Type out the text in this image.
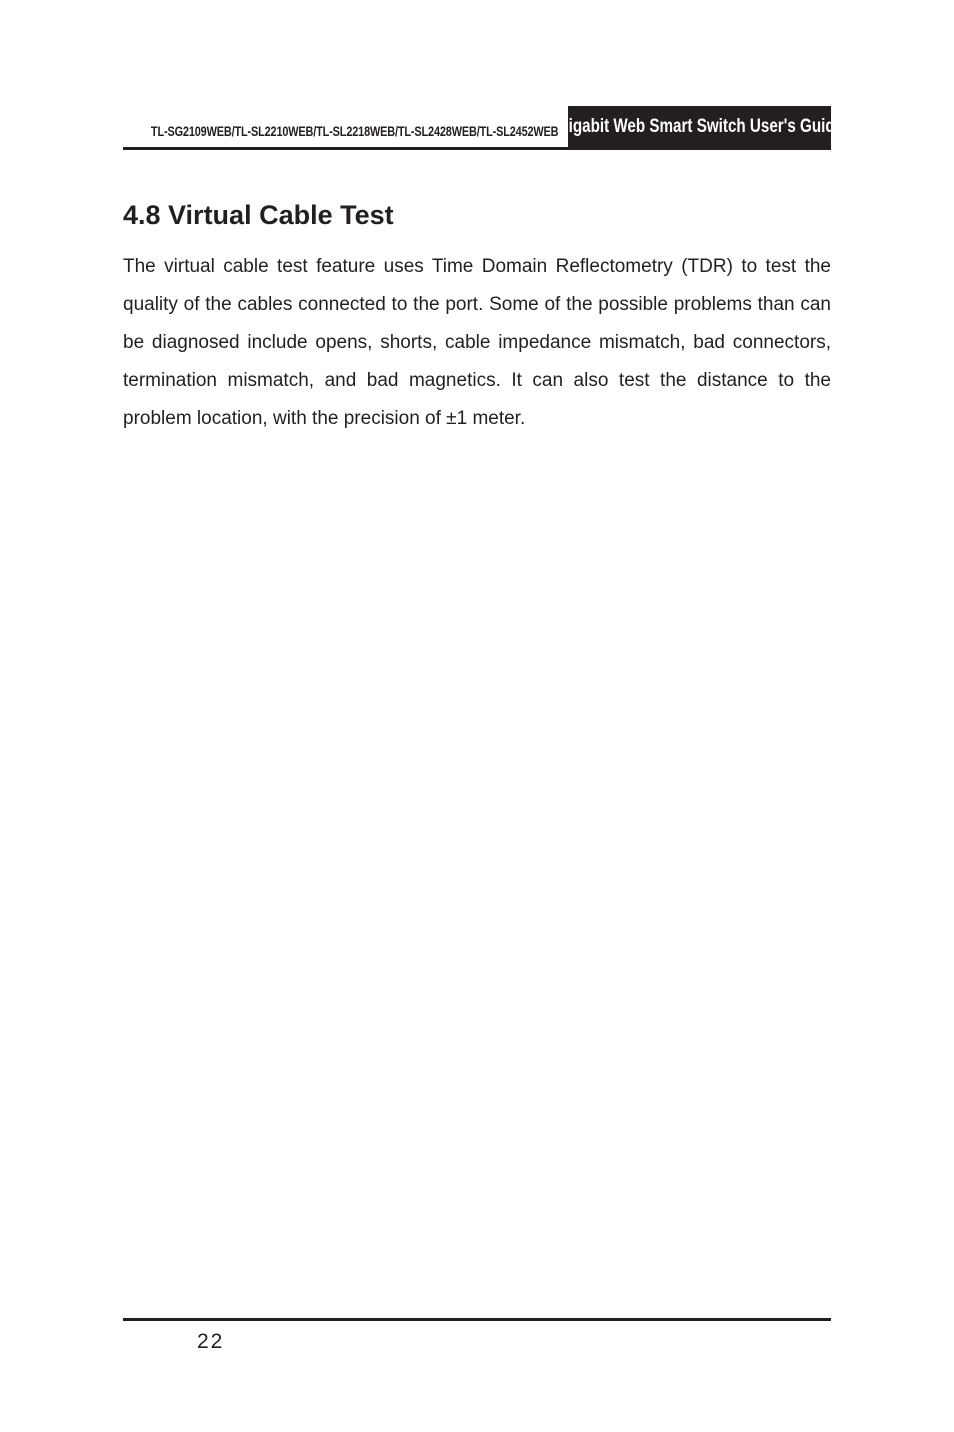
TL-SG2109WEB/TL-SL2210WEB/TL-SL2218WEB/TL-SL2428WEB/TL-SL2452WEB
Gigabit Web Smart Switch User's Guide
4.8 Virtual Cable Test

The virtual cable test feature uses Time Domain Reflectometry (TDR) to test the quality of the cables connected to the port. Some of the possible problems than can be diagnosed include opens, shorts, cable impedance mismatch, bad connectors, termination mismatch, and bad magnetics. It can also test the distance to the problem location, with the precision of ±1 meter.

22
